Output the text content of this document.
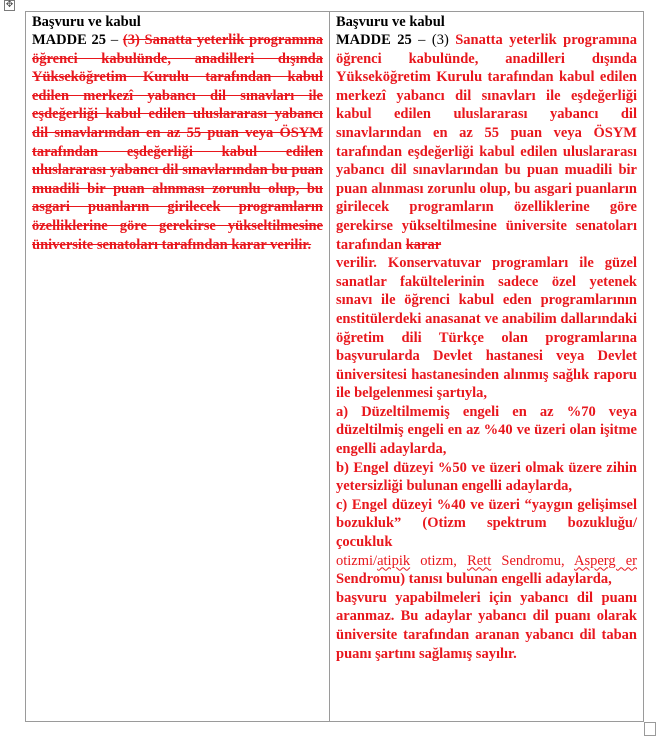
✥
Başvuru ve kabul
MADDE 25 – (3) Sanatta yeterlik programına öğrenci kabulünde, anadilleri dışında Yükseköğretim Kurulu tarafından kabul edilen merkezî yabancı dil sınavları ile eşdeğerliği kabul edilen uluslararası yabancı dil sınavlarından en az 55 puan veya ÖSYM tarafından eşdeğerliği kabul edilen uluslararası yabancı dil sınavlarından bu puan muadili bir puan alınması zorunlu olup, bu asgari puanların girilecek programların özelliklerine göre gerekirse yükseltilmesine üniversite senatoları tarafından karar verilir.
Başvuru ve kabul
MADDE 25 – (3) Sanatta yeterlik programına öğrenci kabulünde, anadilleri dışında Yükseköğretim Kurulu tarafından kabul edilen merkezî yabancı dil sınavları ile eşdeğerliği kabul edilen uluslararası yabancı dil sınavlarından en az 55 puan veya ÖSYM tarafından eşdeğerliği kabul edilen uluslararası yabancı dil sınavlarından bu puan muadili bir puan alınması zorunlu olup, bu asgari puanların girilecek programların özelliklerine göre gerekirse yükseltilmesine üniversite senatoları tarafından karar
verilir. Konservatuvar programları ile güzel sanatlar fakültelerinin sadece özel yetenek sınavı ile öğrenci kabul eden programlarının enstitülerdeki anasanat ve anabilim dallarındaki öğretim dili Türkçe olan programlarına başvurularda Devlet hastanesi veya Devlet üniversitesi hastanesinden alınmış sağlık raporu ile belgelenmesi şartıyla,
a) Düzeltilmemiş engeli en az %70 veya düzeltilmiş engeli en az %40 ve üzeri olan işitme engelli adaylarda,
b) Engel düzeyi %50 ve üzeri olmak üzere zihin yetersizliği bulunan engelli adaylarda,
c) Engel düzeyi %40 ve üzeri “yaygın gelişimsel bozukluk” (Otizm spektrum bozukluğu/çocukluk
otizmi/atipik otizm, Rett Sendromu, Asperg er Sendromu) tanısı bulunan engelli adaylarda,
başvuru yapabilmeleri için yabancı dil puanı aranmaz. Bu adaylar yabancı dil puanı olarak üniversite tarafından aranan yabancı dil taban puanı şartını sağlamış sayılır.
